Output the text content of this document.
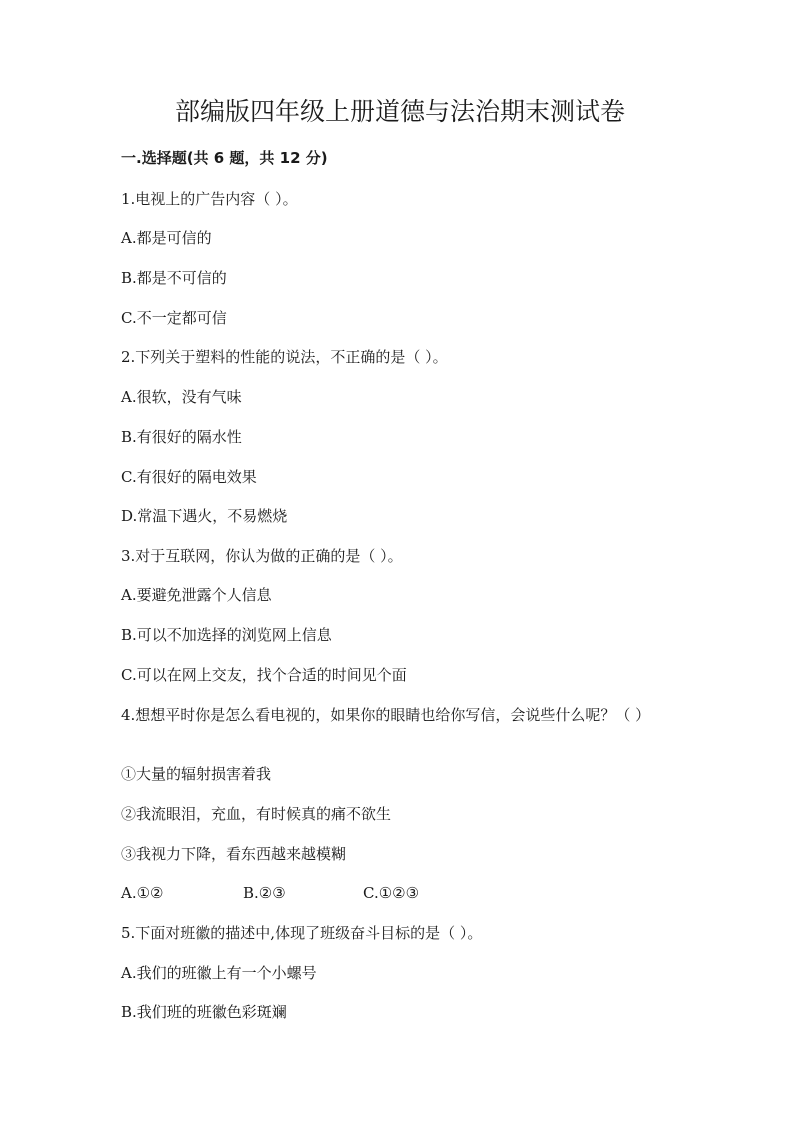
部编版四年级上册道德与法治期末测试卷
一.选择题(共 6 题，共 12 分)
1.电视上的广告内容（ ）。
A.都是可信的
B.都是不可信的
C.不一定都可信
2.下列关于塑料的性能的说法，不正确的是（ ）。
A.很软，没有气味
B.有很好的隔水性
C.有很好的隔电效果
D.常温下遇火，不易燃烧
3.对于互联网，你认为做的正确的是（ ）。
A.要避免泄露个人信息
B.可以不加选择的浏览网上信息
C.可以在网上交友，找个合适的时间见个面
4.想想平时你是怎么看电视的，如果你的眼睛也给你写信，会说些什么呢？（ ）
①大量的辐射损害着我
②我流眼泪，充血，有时候真的痛不欲生
③我视力下降，看东西越来越模糊
A.①②	B.②③	C.①②③
5.下面对班徽的描述中,体现了班级奋斗目标的是（ ）。
A.我们的班徽上有一个小螺号
B.我们班的班徽色彩斑斓
